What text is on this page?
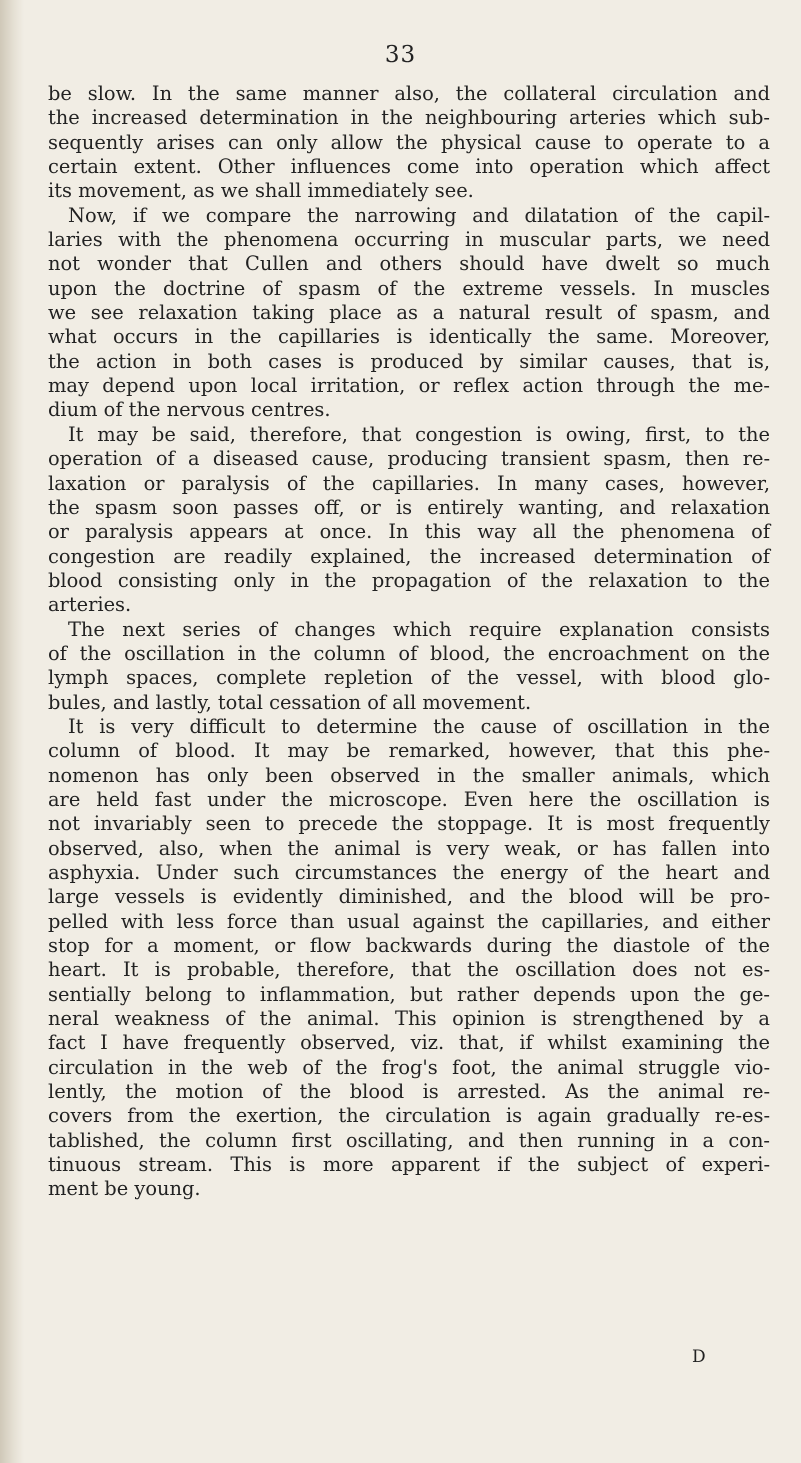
33
be slow. In the same manner also, the collateral circulation and
the increased determination in the neighbouring arteries which sub-
sequently arises can only allow the physical cause to operate to a
certain extent. Other influences come into operation which affect
its movement, as we shall immediately see.
Now, if we compare the narrowing and dilatation of the capil-
laries with the phenomena occurring in muscular parts, we need
not wonder that Cullen and others should have dwelt so much
upon the doctrine of spasm of the extreme vessels. In muscles
we see relaxation taking place as a natural result of spasm, and
what occurs in the capillaries is identically the same. Moreover,
the action in both cases is produced by similar causes, that is,
may depend upon local irritation, or reflex action through the me-
dium of the nervous centres.
It may be said, therefore, that congestion is owing, first, to the
operation of a diseased cause, producing transient spasm, then re-
laxation or paralysis of the capillaries. In many cases, however,
the spasm soon passes off, or is entirely wanting, and relaxation
or paralysis appears at once. In this way all the phenomena of
congestion are readily explained, the increased determination of
blood consisting only in the propagation of the relaxation to the
arteries.
The next series of changes which require explanation consists
of the oscillation in the column of blood, the encroachment on the
lymph spaces, complete repletion of the vessel, with blood glo-
bules, and lastly, total cessation of all movement.
It is very difficult to determine the cause of oscillation in the
column of blood. It may be remarked, however, that this phe-
nomenon has only been observed in the smaller animals, which
are held fast under the microscope. Even here the oscillation is
not invariably seen to precede the stoppage. It is most frequently
observed, also, when the animal is very weak, or has fallen into
asphyxia. Under such circumstances the energy of the heart and
large vessels is evidently diminished, and the blood will be pro-
pelled with less force than usual against the capillaries, and either
stop for a moment, or flow backwards during the diastole of the
heart. It is probable, therefore, that the oscillation does not es-
sentially belong to inflammation, but rather depends upon the ge-
neral weakness of the animal. This opinion is strengthened by a
fact I have frequently observed, viz. that, if whilst examining the
circulation in the web of the frog's foot, the animal struggle vio-
lently, the motion of the blood is arrested. As the animal re-
covers from the exertion, the circulation is again gradually re-es-
tablished, the column first oscillating, and then running in a con-
tinuous stream. This is more apparent if the subject of experi-
ment be young.
D
